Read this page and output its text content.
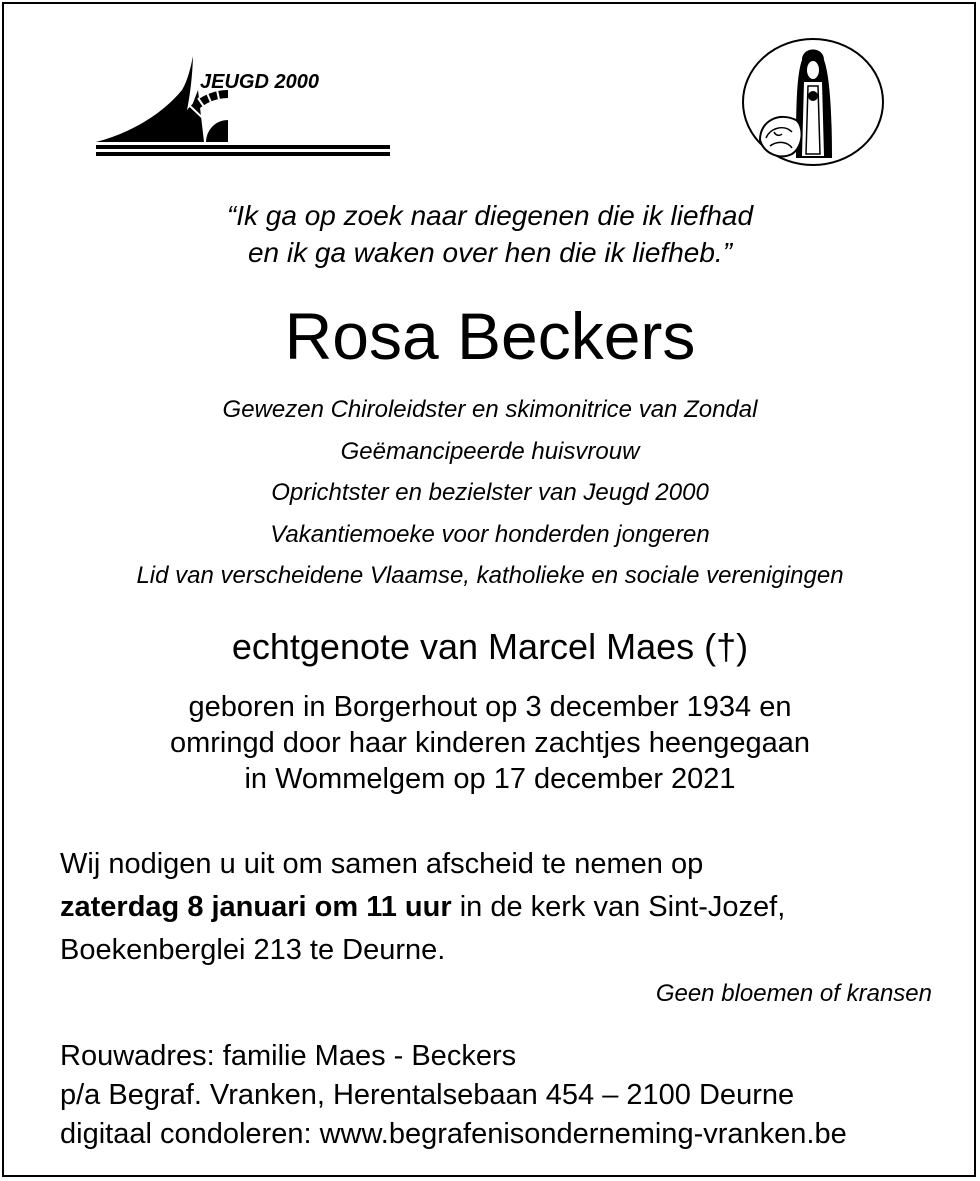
JEUGD 2000
“Ik ga op zoek naar diegenen die ik liefhad
en ik ga waken over hen die ik liefheb.”
Rosa Beckers
Gewezen Chiroleidster en skimonitrice van Zondal
Geëmancipeerde huisvrouw
Oprichtster en bezielster van Jeugd 2000
Vakantiemoeke voor honderden jongeren
Lid van verscheidene Vlaamse, katholieke en sociale verenigingen
echtgenote van Marcel Maes (†)
geboren in Borgerhout op 3 december 1934 en
omringd door haar kinderen zachtjes heengegaan
in Wommelgem op 17 december 2021
Wij nodigen u uit om samen afscheid te nemen op
zaterdag 8 januari om 11 uur in de kerk van Sint-Jozef,
Boekenberglei 213 te Deurne.
Geen bloemen of kransen
Rouwadres: familie Maes - Beckers
p/a Begraf. Vranken, Herentalsebaan 454 – 2100 Deurne
digitaal condoleren: www.begrafenisonderneming-vranken.be
